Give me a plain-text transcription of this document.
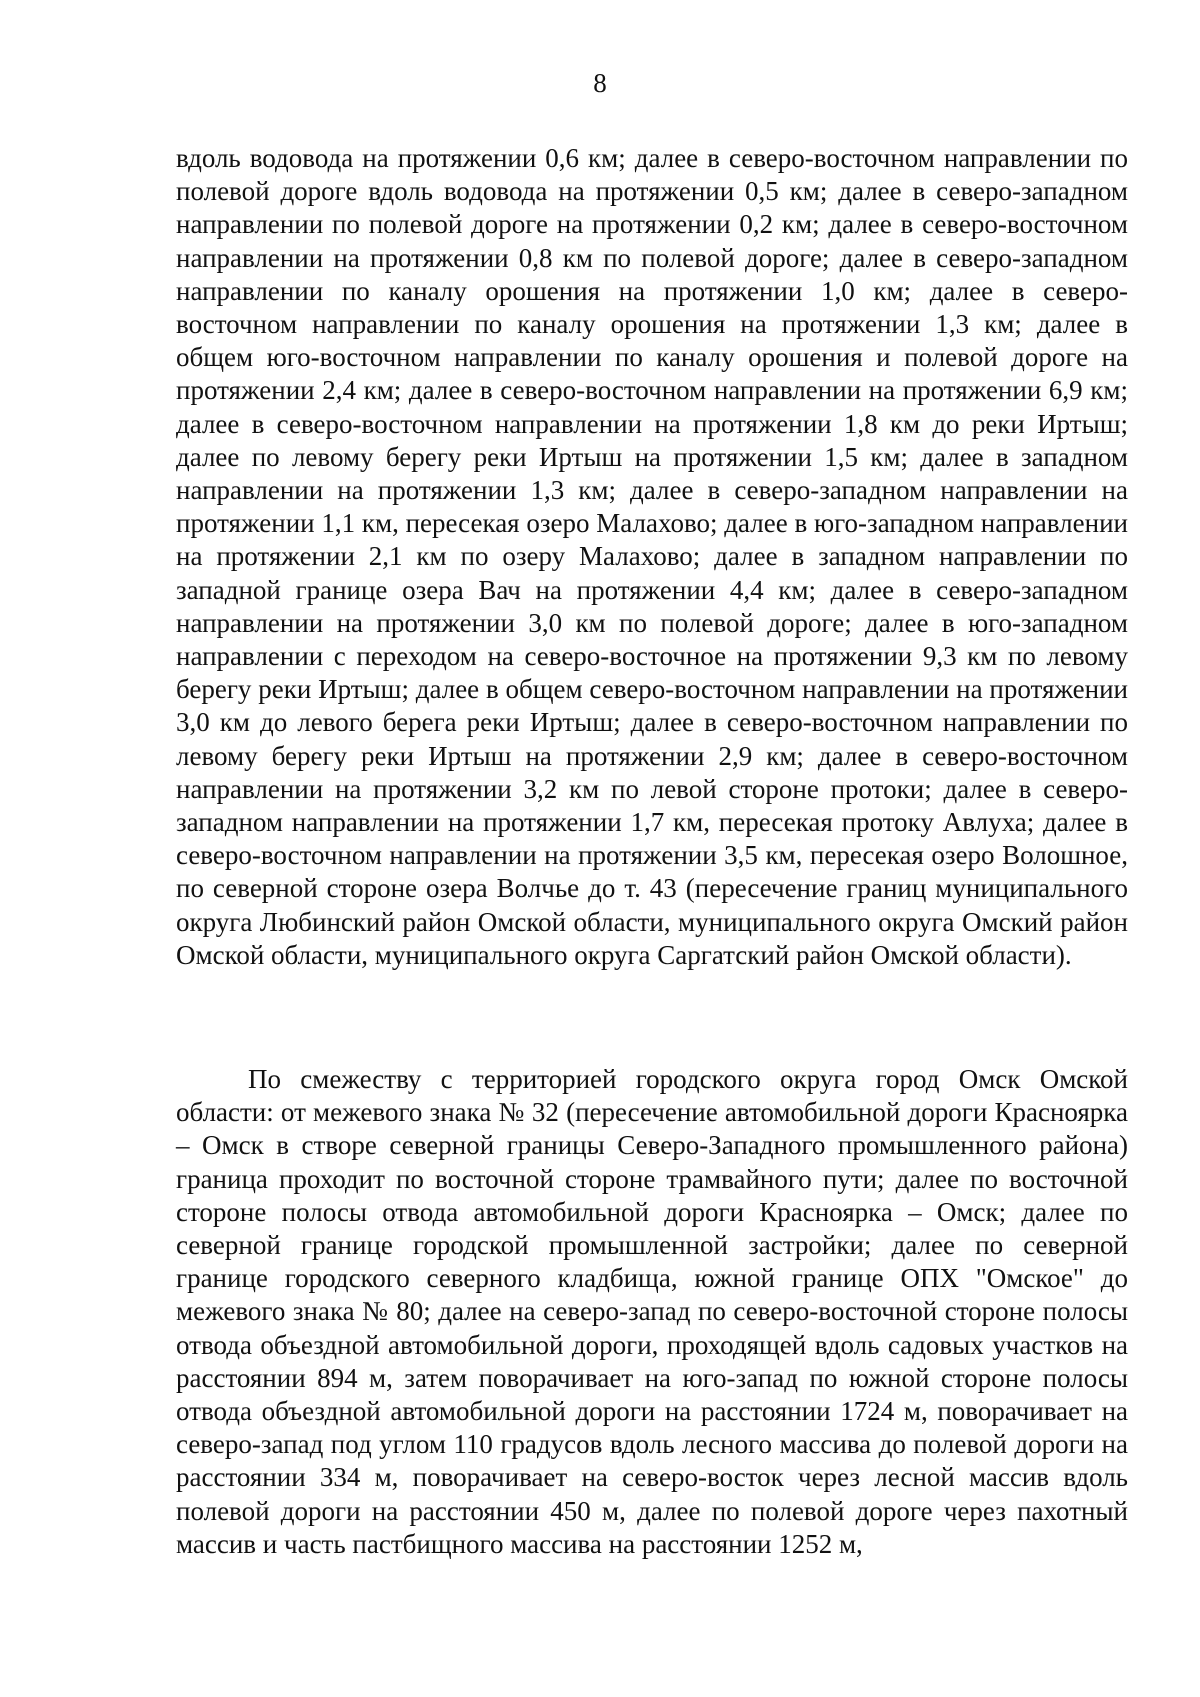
8
вдоль водовода на протяжении 0,6 км; далее в северо-восточном направлении по полевой дороге вдоль водовода на протяжении 0,5 км; далее в северо-западном направлении по полевой дороге на протяжении 0,2 км; далее в северо-восточном направлении на протяжении 0,8 км по полевой дороге; далее в северо-западном направлении по каналу орошения на протяжении 1,0 км; далее в северо-восточном направлении по каналу орошения на протяжении 1,3 км; далее в общем юго-восточном направлении по каналу орошения и полевой дороге на протяжении 2,4 км; далее в северо-восточном направлении на протяжении 6,9 км; далее в северо-восточном направлении на протяжении 1,8 км до реки Иртыш; далее по левому берегу реки Иртыш на протяжении 1,5 км; далее в западном направлении на протяжении 1,3 км; далее в северо-западном направлении на протяжении 1,1 км, пересекая озеро Малахово; далее в юго-западном направлении на протяжении 2,1 км по озеру Малахово; далее в западном направлении по западной границе озера Вач на протяжении 4,4 км; далее в северо-западном направлении на протяжении 3,0 км по полевой дороге; далее в юго-западном направлении с переходом на северо-восточное на протяжении 9,3 км по левому берегу реки Иртыш; далее в общем северо-восточном направлении на протяжении 3,0 км до левого берега реки Иртыш; далее в северо-восточном направлении по левому берегу реки Иртыш на протяжении 2,9 км; далее в северо-восточном направлении на протяжении 3,2 км по левой стороне протоки; далее в северо-западном направлении на протяжении 1,7 км, пересекая протоку Авлуха; далее в северо-восточном направлении на протяжении 3,5 км, пересекая озеро Волошное, по северной стороне озера Волчье до т. 43 (пересечение границ муниципального округа Любинский район Омской области, муниципального округа Омский район Омской области, муниципального округа Саргатский район Омской области).
По смежеству с территорией городского округа город Омск Омской области: от межевого знака № 32 (пересечение автомобильной дороги Красноярка – Омск в створе северной границы Северо-Западного промышленного района) граница проходит по восточной стороне трамвайного пути; далее по восточной стороне полосы отвода автомобильной дороги Красноярка – Омск; далее по северной границе городской промышленной застройки; далее по северной границе городского северного кладбища, южной границе ОПХ "Омское" до межевого знака № 80; далее на северо-запад по северо-восточной стороне полосы отвода объездной автомобильной дороги, проходящей вдоль садовых участков на расстоянии 894 м, затем поворачивает на юго-запад по южной стороне полосы отвода объездной автомобильной дороги на расстоянии 1724 м, поворачивает на северо-запад под углом 110 градусов вдоль лесного массива до полевой дороги на расстоянии 334 м, поворачивает на северо-восток через лесной массив вдоль полевой дороги на расстоянии 450 м, далее по полевой дороге через пахотный массив и часть пастбищного массива на расстоянии 1252 м,
